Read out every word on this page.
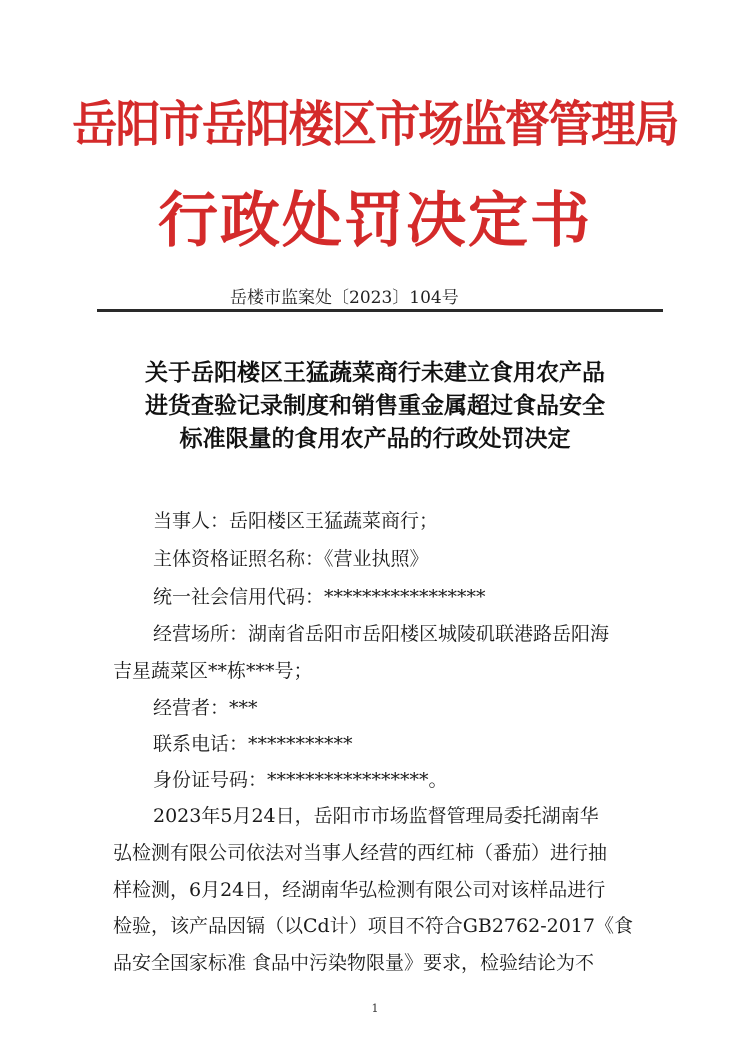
岳阳市岳阳楼区市场监督管理局
行政处罚决定书
岳楼市监案处〔2023〕104号
关于岳阳楼区王猛蔬菜商行未建立食用农产品
进货查验记录制度和销售重金属超过食品安全
标准限量的食用农产品的行政处罚决定
当事人：岳阳楼区王猛蔬菜商行；
主体资格证照名称：《营业执照》
统一社会信用代码：*****************
经营场所：湖南省岳阳市岳阳楼区城陵矶联港路岳阳海
吉星蔬菜区**栋***号；
经营者：***
联系电话：***********
身份证号码：*****************。
2023年5月24日，岳阳市市场监督管理局委托湖南华
弘检测有限公司依法对当事人经营的西红柿（番茄）进行抽
样检测，6月24日，经湖南华弘检测有限公司对该样品进行
检验，该产品因镉（以Cd计）项目不符合GB2762-2017《食
品安全国家标准 食品中污染物限量》要求，检验结论为不
1
